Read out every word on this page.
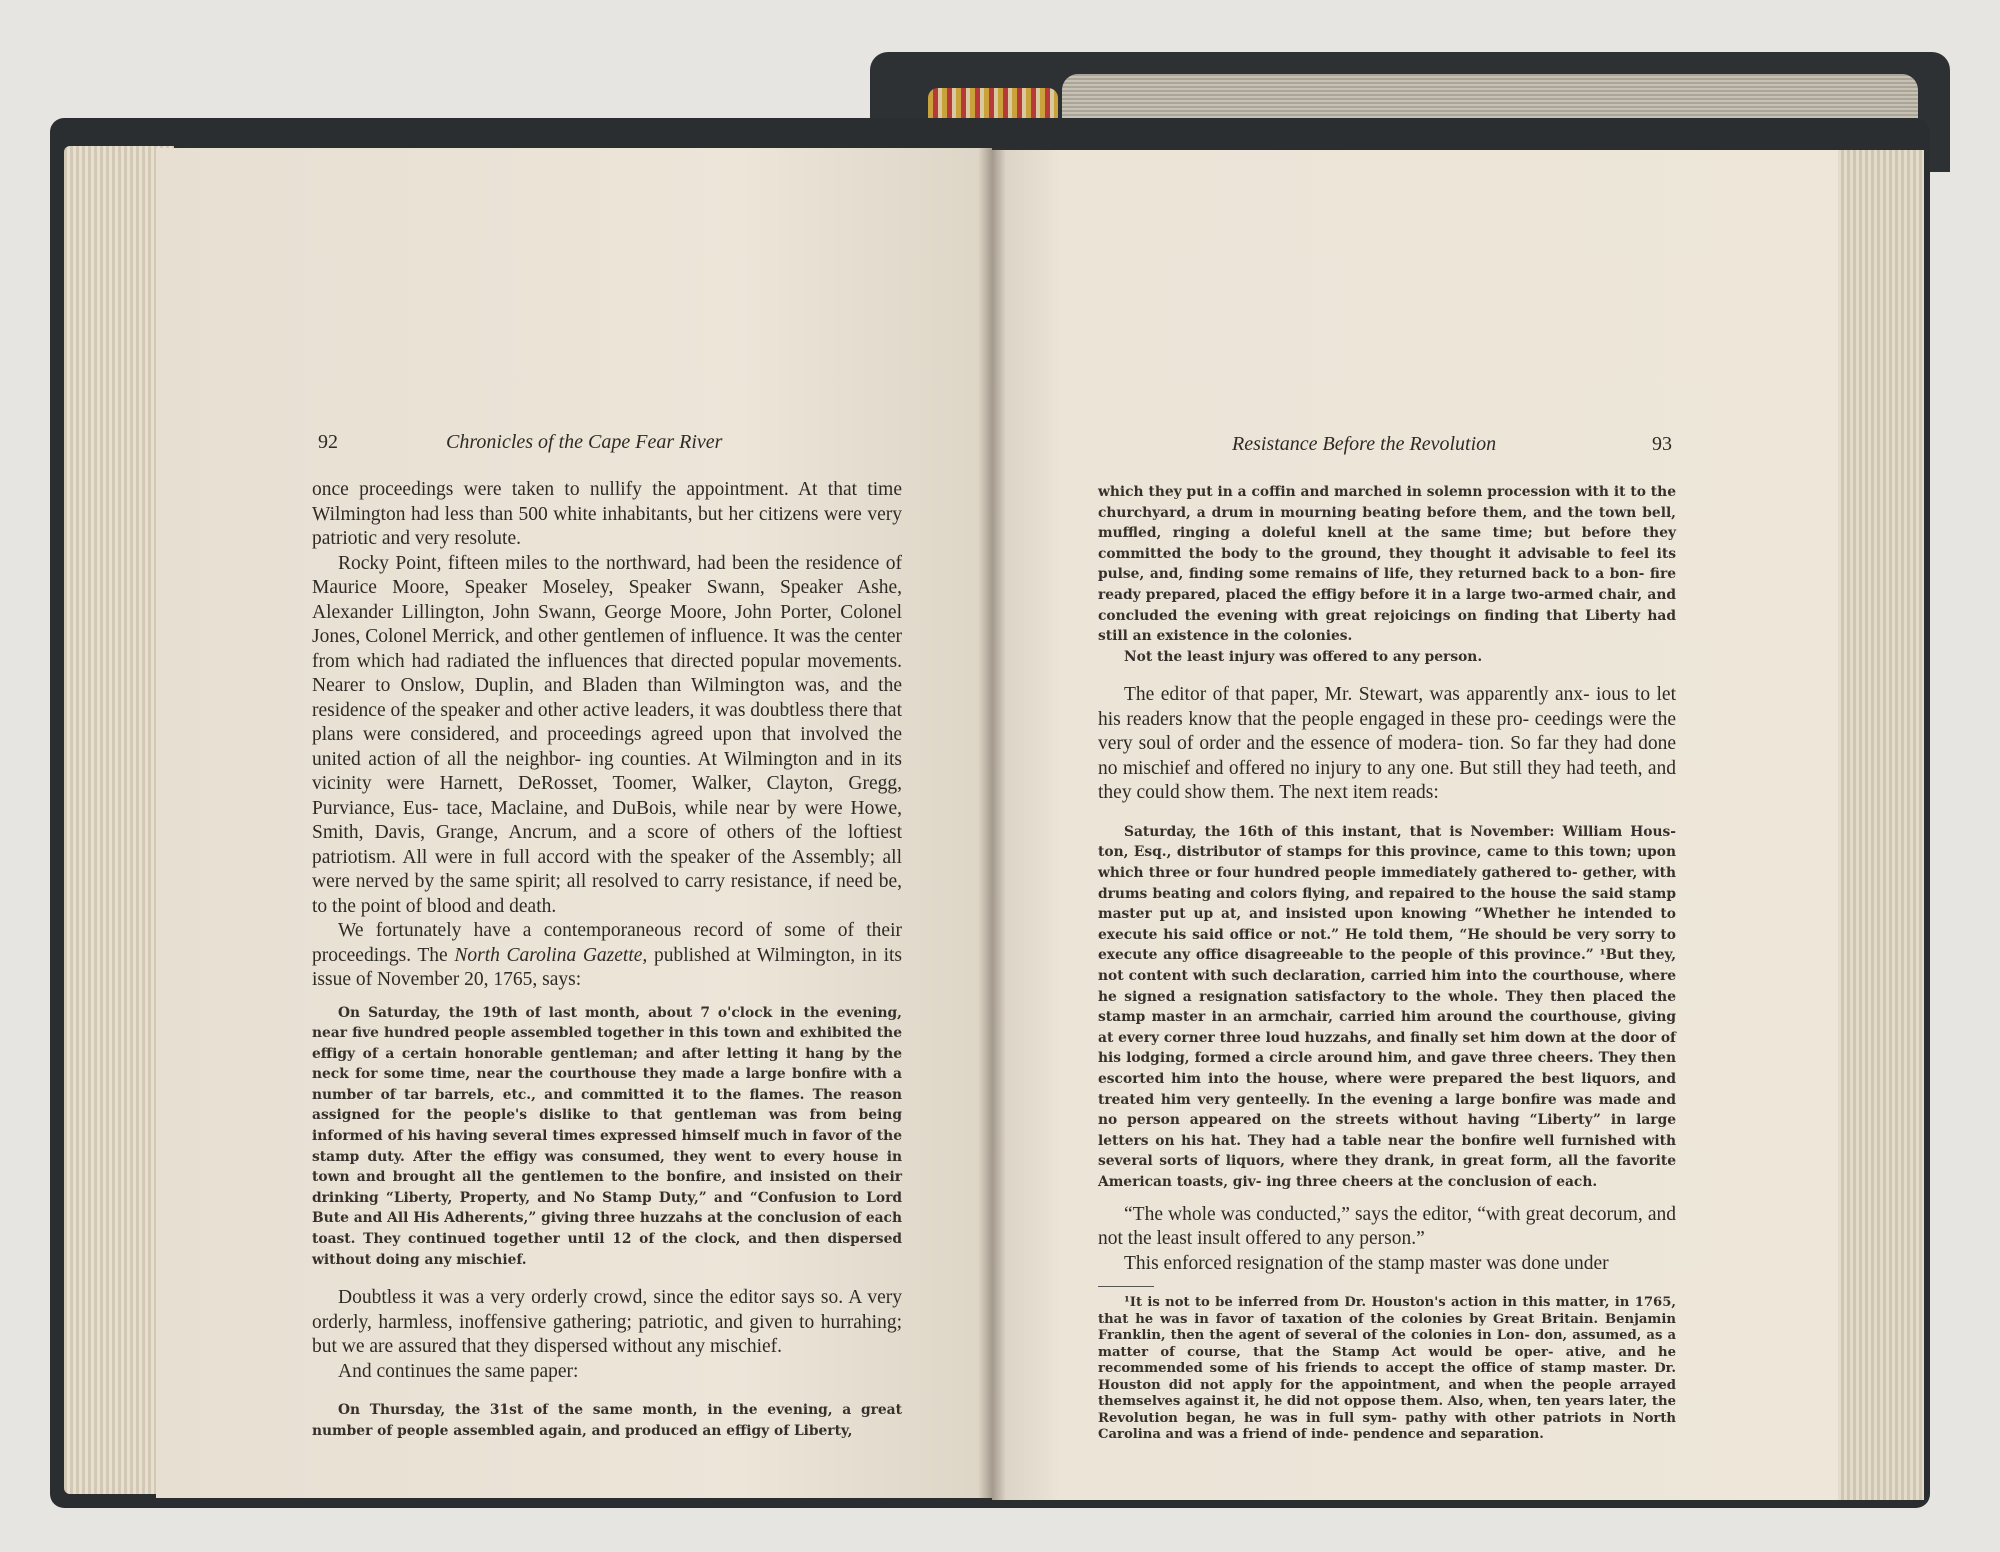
92	Chronicles of the Cape Fear River

once proceedings were taken to nullify the appointment. At that time Wilmington had less than 500 white inhabitants, but her citizens were very patriotic and very resolute.

Rocky Point, fifteen miles to the northward, had been the residence of Maurice Moore, Speaker Moseley, Speaker Swann, Speaker Ashe, Alexander Lillington, John Swann, George Moore, John Porter, Colonel Jones, Colonel Merrick, and other gentlemen of influence. It was the center from which had radiated the influences that directed popular movements. Nearer to Onslow, Duplin, and Bladen than Wilmington was, and the residence of the speaker and other active leaders, it was doubtless there that plans were considered, and proceedings agreed upon that involved the united action of all the neighbor- ing counties. At Wilmington and in its vicinity were Harnett, DeRosset, Toomer, Walker, Clayton, Gregg, Purviance, Eus- tace, Maclaine, and DuBois, while near by were Howe, Smith, Davis, Grange, Ancrum, and a score of others of the loftiest patriotism. All were in full accord with the speaker of the Assembly; all were nerved by the same spirit; all resolved to carry resistance, if need be, to the point of blood and death.

We fortunately have a contemporaneous record of some of their proceedings. The North Carolina Gazette, published at Wilmington, in its issue of November 20, 1765, says:

On Saturday, the 19th of last month, about 7 o'clock in the evening, near five hundred people assembled together in this town and exhibited the effigy of a certain honorable gentleman; and after letting it hang by the neck for some time, near the courthouse they made a large bonfire with a number of tar barrels, etc., and committed it to the flames. The reason assigned for the people's dislike to that gentleman was from being informed of his having several times expressed himself much in favor of the stamp duty. After the effigy was consumed, they went to every house in town and brought all the gentlemen to the bonfire, and insisted on their drinking “Liberty, Property, and No Stamp Duty,” and “Confusion to Lord Bute and All His Adherents,” giving three huzzahs at the conclusion of each toast. They continued together until 12 of the clock, and then dispersed without doing any mischief.

Doubtless it was a very orderly crowd, since the editor says so. A very orderly, harmless, inoffensive gathering; patriotic, and given to hurrahing; but we are assured that they dispersed without any mischief.

And continues the same paper:

On Thursday, the 31st of the same month, in the evening, a great number of people assembled again, and produced an effigy of Liberty,

Resistance Before the Revolution	93

which they put in a coffin and marched in solemn procession with it to the churchyard, a drum in mourning beating before them, and the town bell, muffled, ringing a doleful knell at the same time; but before they committed the body to the ground, they thought it advisable to feel its pulse, and, finding some remains of life, they returned back to a bon- fire ready prepared, placed the effigy before it in a large two-armed chair, and concluded the evening with great rejoicings on finding that Liberty had still an existence in the colonies.

Not the least injury was offered to any person.

The editor of that paper, Mr. Stewart, was apparently anx- ious to let his readers know that the people engaged in these pro- ceedings were the very soul of order and the essence of modera- tion. So far they had done no mischief and offered no injury to any one. But still they had teeth, and they could show them. The next item reads:

Saturday, the 16th of this instant, that is November: William Hous- ton, Esq., distributor of stamps for this province, came to this town; upon which three or four hundred people immediately gathered to- gether, with drums beating and colors flying, and repaired to the house the said stamp master put up at, and insisted upon knowing “Whether he intended to execute his said office or not.” He told them, “He should be very sorry to execute any office disagreeable to the people of this province.” ¹But they, not content with such declaration, carried him into the courthouse, where he signed a resignation satisfactory to the whole. They then placed the stamp master in an armchair, carried him around the courthouse, giving at every corner three loud huzzahs, and finally set him down at the door of his lodging, formed a circle around him, and gave three cheers. They then escorted him into the house, where were prepared the best liquors, and treated him very genteelly. In the evening a large bonfire was made and no person appeared on the streets without having “Liberty” in large letters on his hat. They had a table near the bonfire well furnished with several sorts of liquors, where they drank, in great form, all the favorite American toasts, giv- ing three cheers at the conclusion of each.

“The whole was conducted,” says the editor, “with great decorum, and not the least insult offered to any person.”

This enforced resignation of the stamp master was done under

¹It is not to be inferred from Dr. Houston's action in this matter, in 1765, that he was in favor of taxation of the colonies by Great Britain. Benjamin Franklin, then the agent of several of the colonies in Lon- don, assumed, as a matter of course, that the Stamp Act would be oper- ative, and he recommended some of his friends to accept the office of stamp master. Dr. Houston did not apply for the appointment, and when the people arrayed themselves against it, he did not oppose them. Also, when, ten years later, the Revolution began, he was in full sym- pathy with other patriots in North Carolina and was a friend of inde- pendence and separation.
